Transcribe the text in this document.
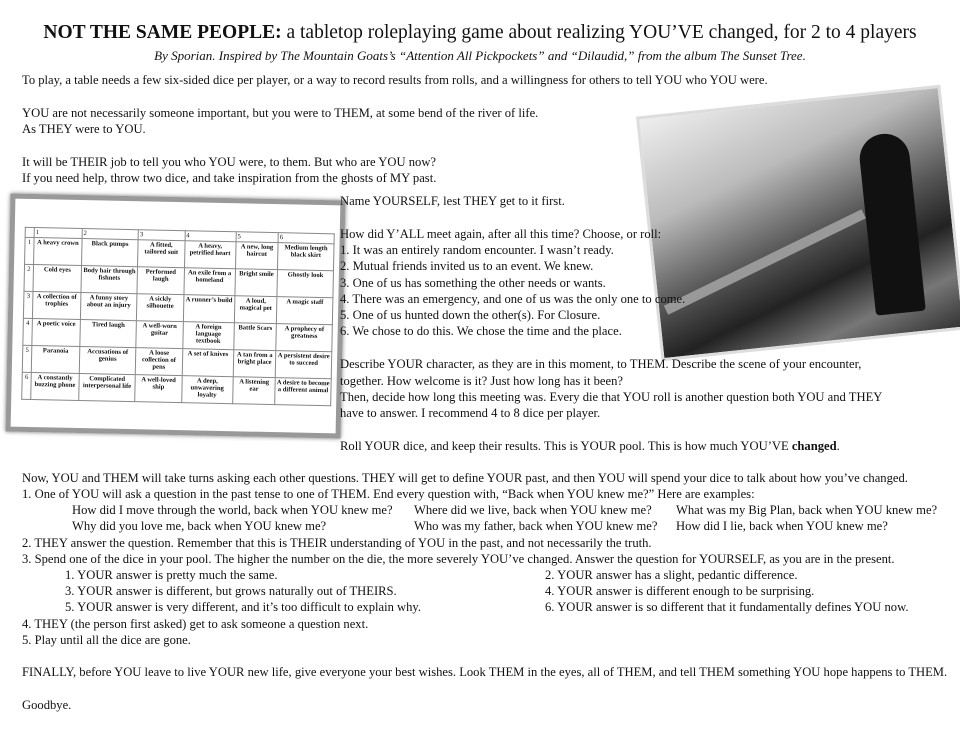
NOT THE SAME PEOPLE: a tabletop roleplaying game about realizing YOU’VE changed, for 2 to 4 players
By Sporian. Inspired by The Mountain Goats’s “Attention All Pickpockets” and “Dilaudid,” from the album The Sunset Tree.
To play, a table needs a few six-sided dice per player, or a way to record results from rolls, and a willingness for others to tell YOU who YOU were.
YOU are not necessarily someone important, but you were to THEM, at some bend of the river of life.
As THEY were to YOU.
It will be THEIR job to tell you who YOU were, to them. But who are YOU now?
If you need help, throw two dice, and take inspiration from the ghosts of MY past.
	1	2	3	4	5	6
1	A heavy crown	Black pumps	A fitted, tailored suit	A heavy, petrified heart	A new, long haircut	Medium length black skirt
2	Cold eyes	Body hair through fishnets	Performed laugh	An exile from a homeland	Bright smile	Ghostly look
3	A collection of trophies	A funny story about an injury	A sickly silhouette	A runner’s build	A loud, magical pet	A magic staff
4	A poetic voice	Tired laugh	A well-worn guitar	A foreign language textbook	Battle Scars	A prophecy of greatness
5	Paranoia	Accusations of genius	A loose collection of pens	A set of knives	A tan from a bright place	A persistent desire to succeed
6	A constantly buzzing phone	Complicated interpersonal life	A well-loved ship	A deep, unwavering loyalty	A listening ear	A desire to become a different animal
Name YOURSELF, lest THEY get to it first.
How did Y’ALL meet again, after all this time? Choose, or roll:
1. It was an entirely random encounter. I wasn’t ready.
2. Mutual friends invited us to an event. We knew.
3. One of us has something the other needs or wants.
4. There was an emergency, and one of us was the only one to come.
5. One of us hunted down the other(s). For Closure.
6. We chose to do this. We chose the time and the place.
Describe YOUR character, as they are in this moment, to THEM. Describe the scene of your encounter,
together. How welcome is it? Just how long has it been?
Then, decide how long this meeting was. Every die that YOU roll is another question both YOU and THEY
have to answer. I recommend 4 to 8 dice per player.
Roll YOUR dice, and keep their results. This is YOUR pool. This is how much YOU’VE changed.
Now, YOU and THEM will take turns asking each other questions. THEY will get to define YOUR past, and then YOU will spend your dice to talk about how you’ve changed.
1. One of YOU will ask a question in the past tense to one of THEM. End every question with, “Back when YOU knew me?” Here are examples:
How did I move through the world, back when YOU knew me? Where did we live, back when YOU knew me? What was my Big Plan, back when YOU knew me?
Why did you love me, back when YOU knew me?	Who was my father, back when YOU knew me? How did I lie, back when YOU knew me?
2. THEY answer the question. Remember that this is THEIR understanding of YOU in the past, and not necessarily the truth.
3. Spend one of the dice in your pool. The higher the number on the die, the more severely YOU’ve changed. Answer the question for YOURSELF, as you are in the present.
1. YOUR answer is pretty much the same.	2. YOUR answer has a slight, pedantic difference.
3. YOUR answer is different, but grows naturally out of THEIRS.	4. YOUR answer is different enough to be surprising.
5. YOUR answer is very different, and it’s too difficult to explain why.	6. YOUR answer is so different that it fundamentally defines YOU now.
4. THEY (the person first asked) get to ask someone a question next.
5. Play until all the dice are gone.
FINALLY, before YOU leave to live YOUR new life, give everyone your best wishes. Look THEM in the eyes, all of THEM, and tell THEM something YOU hope happens to THEM.
Goodbye.
